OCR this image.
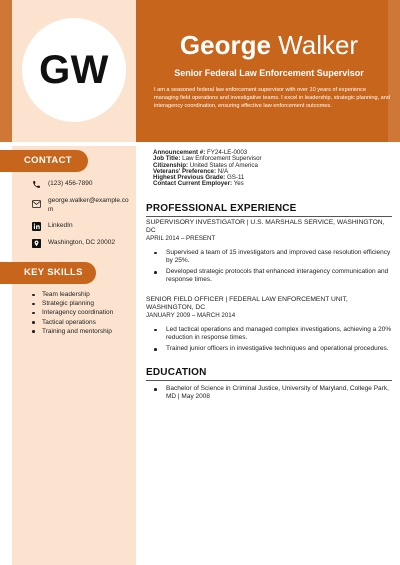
GW
George Walker
Senior Federal Law Enforcement Supervisor
I am a seasoned federal law enforcement supervisor with over 10 years of experience managing field operations and investigative teams. I excel in leadership, strategic planning, and interagency coordination, ensuring effective law enforcement outcomes.
CONTACT
(123) 456-7890
george.walker@example.com
LinkedIn
Washington, DC 20002
KEY SKILLS
Team leadership
Strategic planning
Interagency coordination
Tactical operations
Training and mentorship
Announcement #: FY24-LE-0003
Job Title: Law Enforcement Supervisor
Citizenship: United States of America
Veterans' Preference: N/A
Highest Previous Grade: GS-11
Contact Current Employer: Yes
PROFESSIONAL EXPERIENCE
SUPERVISORY INVESTIGATOR | U.S. MARSHALS SERVICE, WASHINGTON, DC
APRIL 2014 – PRESENT
Supervised a team of 15 investigators and improved case resolution efficiency by 25%.
Developed strategic protocols that enhanced interagency communication and response times.
SENIOR FIELD OFFICER | FEDERAL LAW ENFORCEMENT UNIT, WASHINGTON, DC
JANUARY 2009 – MARCH 2014
Led tactical operations and managed complex investigations, achieving a 20% reduction in response times.
Trained junior officers in investigative techniques and operational procedures.
EDUCATION
Bachelor of Science in Criminal Justice, University of Maryland, College Park, MD | May 2008
